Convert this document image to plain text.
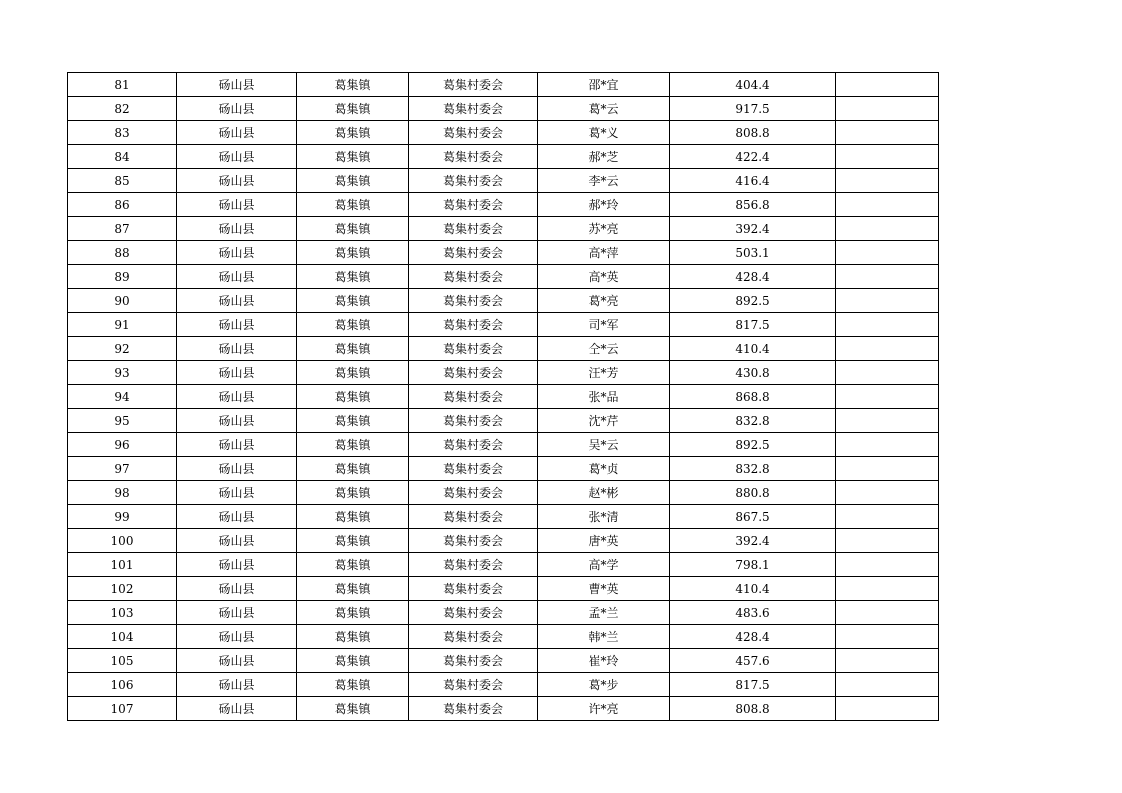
81	砀山县	葛集镇	葛集村委会	邵*宜	404.4	
82	砀山县	葛集镇	葛集村委会	葛*云	917.5	
83	砀山县	葛集镇	葛集村委会	葛*义	808.8	
84	砀山县	葛集镇	葛集村委会	郝*芝	422.4	
85	砀山县	葛集镇	葛集村委会	李*云	416.4	
86	砀山县	葛集镇	葛集村委会	郝*玲	856.8	
87	砀山县	葛集镇	葛集村委会	苏*亮	392.4	
88	砀山县	葛集镇	葛集村委会	高*萍	503.1	
89	砀山县	葛集镇	葛集村委会	高*英	428.4	
90	砀山县	葛集镇	葛集村委会	葛*亮	892.5	
91	砀山县	葛集镇	葛集村委会	司*军	817.5	
92	砀山县	葛集镇	葛集村委会	仝*云	410.4	
93	砀山县	葛集镇	葛集村委会	汪*芳	430.8	
94	砀山县	葛集镇	葛集村委会	张*品	868.8	
95	砀山县	葛集镇	葛集村委会	沈*芹	832.8	
96	砀山县	葛集镇	葛集村委会	吴*云	892.5	
97	砀山县	葛集镇	葛集村委会	葛*贞	832.8	
98	砀山县	葛集镇	葛集村委会	赵*彬	880.8	
99	砀山县	葛集镇	葛集村委会	张*清	867.5	
100	砀山县	葛集镇	葛集村委会	唐*英	392.4	
101	砀山县	葛集镇	葛集村委会	高*学	798.1	
102	砀山县	葛集镇	葛集村委会	曹*英	410.4	
103	砀山县	葛集镇	葛集村委会	孟*兰	483.6	
104	砀山县	葛集镇	葛集村委会	韩*兰	428.4	
105	砀山县	葛集镇	葛集村委会	崔*玲	457.6	
106	砀山县	葛集镇	葛集村委会	葛*步	817.5	
107	砀山县	葛集镇	葛集村委会	许*亮	808.8	
